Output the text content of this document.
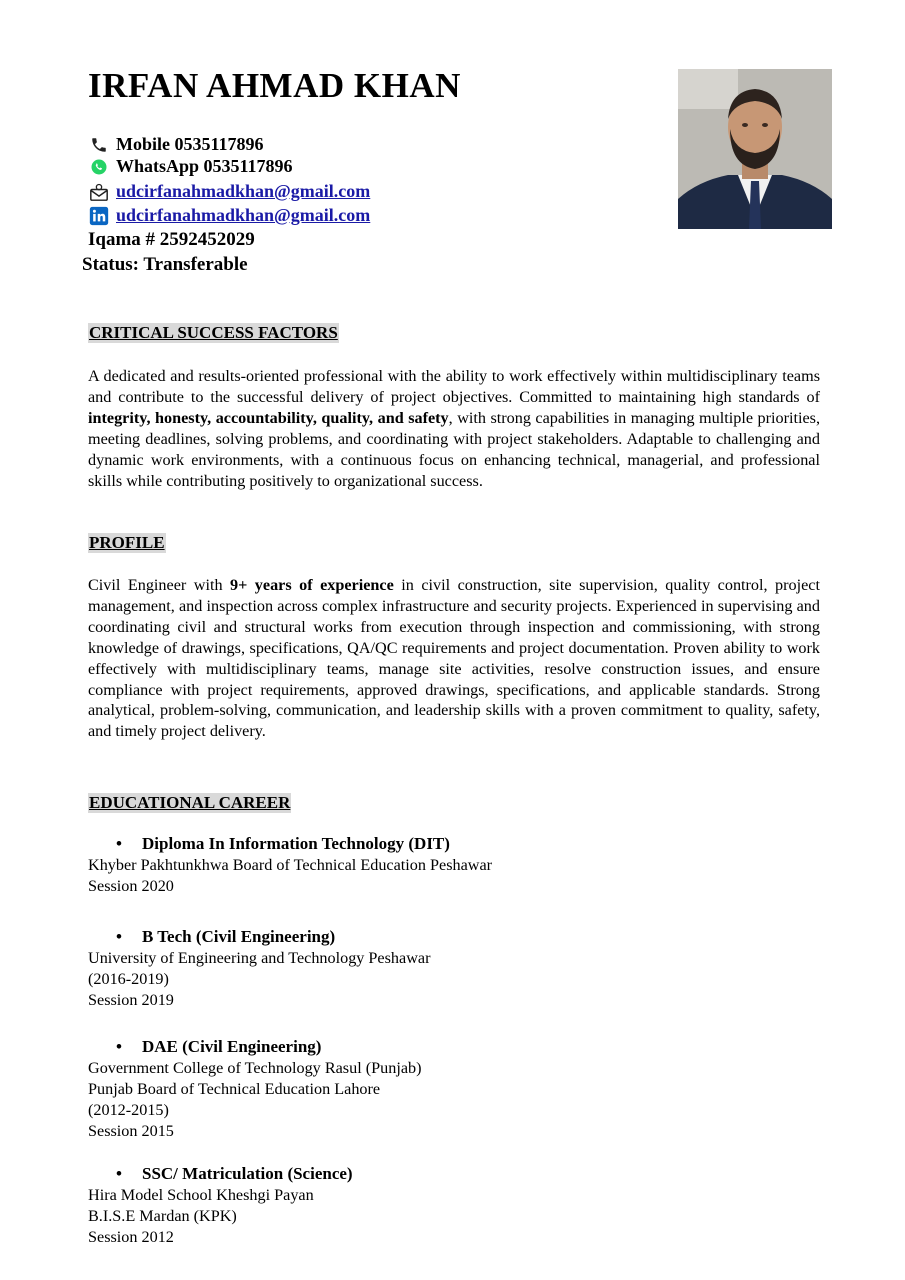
IRFAN AHMAD KHAN
Mobile 0535117896
WhatsApp 0535117896
udcirfanahmadkhan@gmail.com
udcirfanahmadkhan@gmail.com
Iqama # 2592452029
Status: Transferable
CRITICAL SUCCESS FACTORS

A dedicated and results-oriented professional with the ability to work effectively within multidisciplinary teams and contribute to the successful delivery of project objectives. Committed to maintaining high standards of integrity, honesty, accountability, quality, and safety, with strong capabilities in managing multiple priorities, meeting deadlines, solving problems, and coordinating with project stakeholders. Adaptable to challenging and dynamic work environments, with a continuous focus on enhancing technical, managerial, and professional skills while contributing positively to organizational success.

PROFILE

Civil Engineer with 9+ years of experience in civil construction, site supervision, quality control, project management, and inspection across complex infrastructure and security projects. Experienced in supervising and coordinating civil and structural works from execution through inspection and commissioning, with strong knowledge of drawings, specifications, QA/QC requirements and project documentation. Proven ability to work effectively with multidisciplinary teams, manage site activities, resolve construction issues, and ensure compliance with project requirements, approved drawings, specifications, and applicable standards. Strong analytical, problem-solving, communication, and leadership skills with a proven commitment to quality, safety, and timely project delivery.

EDUCATIONAL CAREER
•	Diploma In Information Technology (DIT)
Khyber Pakhtunkhwa Board of Technical Education Peshawar
Session 2020
•	B Tech (Civil Engineering)
University of Engineering and Technology Peshawar
(2016-2019)
Session 2019
•	DAE (Civil Engineering)
Government College of Technology Rasul (Punjab)
Punjab Board of Technical Education Lahore
(2012-2015)
Session 2015
•	SSC/ Matriculation (Science)
Hira Model School Kheshgi Payan
B.I.S.E Mardan (KPK)
Session 2012
